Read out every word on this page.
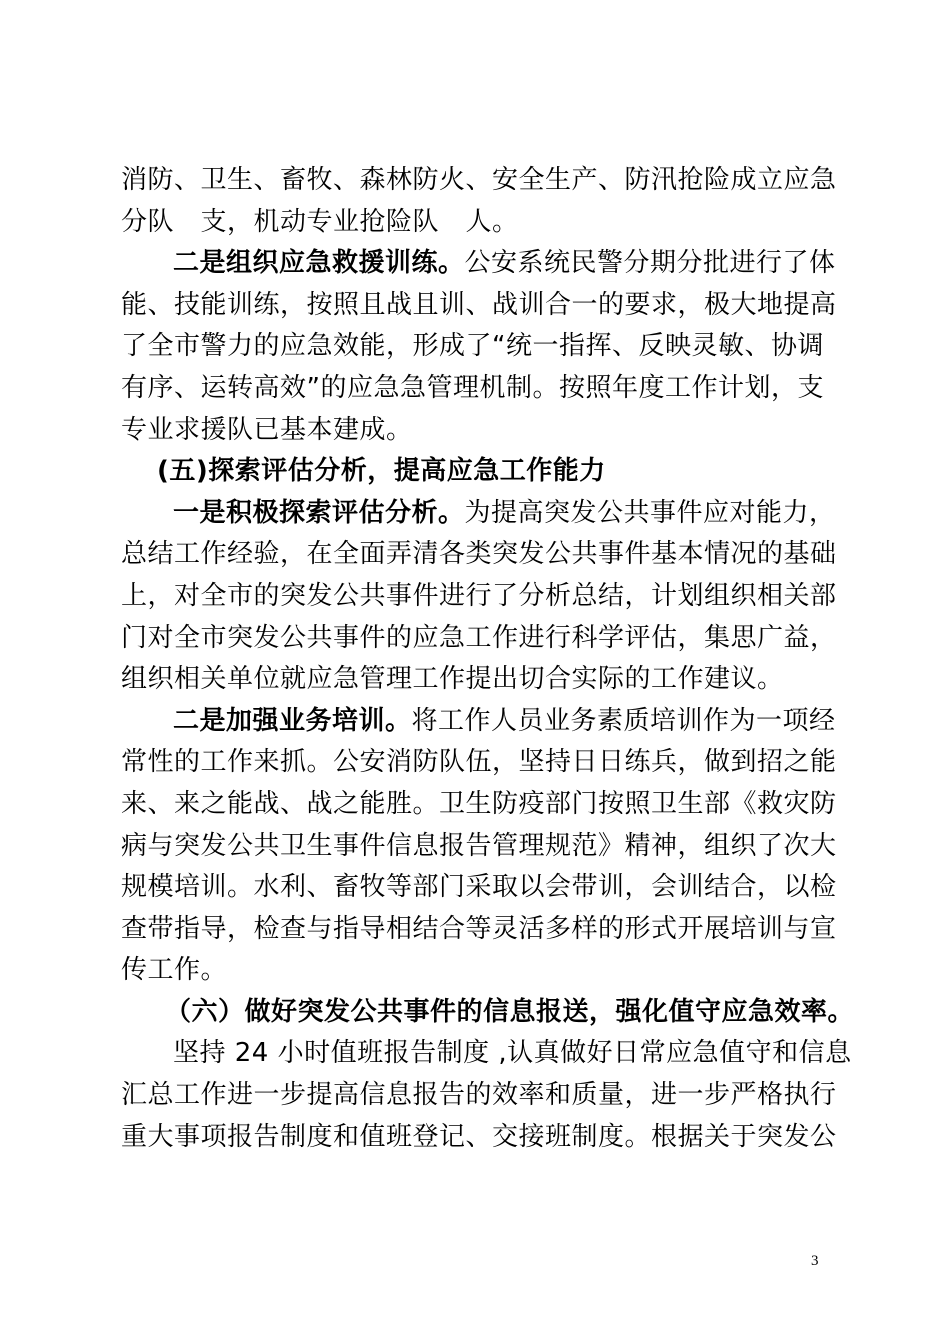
消防、卫生、畜牧、森林防火、安全生产、防汛抢险成立应急
分队　支，机动专业抢险队　人。
二是组织应急救援训练。公安系统民警分期分批进行了体
能、技能训练，按照且战且训、战训合一的要求，极大地提高
了全市警力的应急效能，形成了“统一指挥、反映灵敏、协调
有序、运转高效”的应急急管理机制。按照年度工作计划，支
专业求援队已基本建成。
(五)探索评估分析，提高应急工作能力
一是积极探索评估分析。为提高突发公共事件应对能力，
总结工作经验，在全面弄清各类突发公共事件基本情况的基础
上，对全市的突发公共事件进行了分析总结，计划组织相关部
门对全市突发公共事件的应急工作进行科学评估，集思广益，
组织相关单位就应急管理工作提出切合实际的工作建议。
二是加强业务培训。将工作人员业务素质培训作为一项经
常性的工作来抓。公安消防队伍，坚持日日练兵，做到招之能
来、来之能战、战之能胜。卫生防疫部门按照卫生部《救灾防
病与突发公共卫生事件信息报告管理规范》精神，组织了次大
规模培训。水利、畜牧等部门采取以会带训，会训结合，以检
查带指导，检查与指导相结合等灵活多样的形式开展培训与宣
传工作。
（六）做好突发公共事件的信息报送，强化值守应急效率。
坚持 24 小时值班报告制度 ,认真做好日常应急值守和信息
汇总工作进一步提高信息报告的效率和质量，进一步严格执行
重大事项报告制度和值班登记、交接班制度。根据关于突发公
3
